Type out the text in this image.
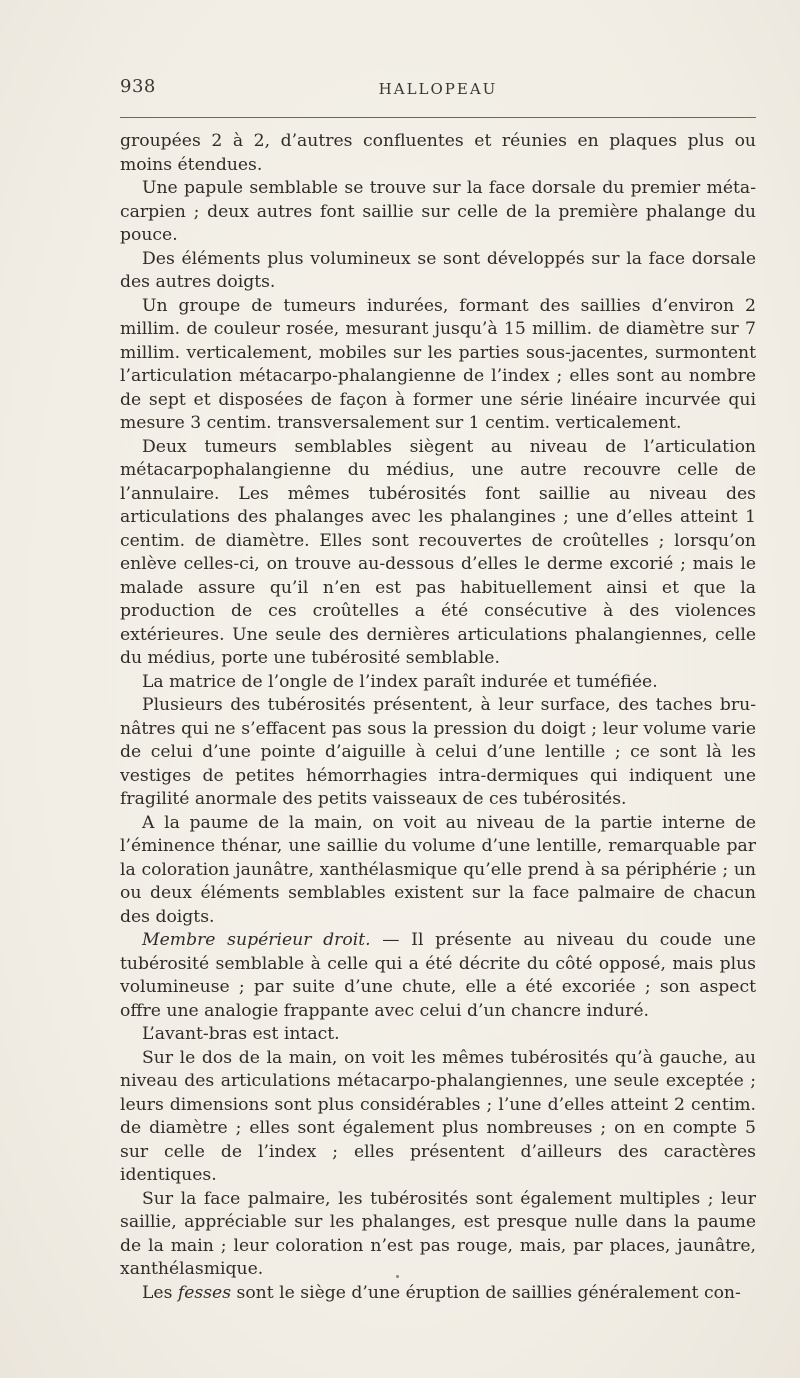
938	HALLOPEAU

groupées 2 à 2, d’autres confluentes et réunies en plaques plus ou moins étendues.

Une papule semblable se trouve sur la face dorsale du premier métacarpien ; deux autres font saillie sur celle de la première phalange du pouce.

Des éléments plus volumineux se sont développés sur la face dorsale des autres doigts.

Un groupe de tumeurs indurées, formant des saillies d’environ 2 millim. de couleur rosée, mesurant jusqu’à 15 millim. de diamètre sur 7 millim. verticalement, mobiles sur les parties sous-jacentes, surmontent l’articulation métacarpo-phalangienne de l’index ; elles sont au nombre de sept et disposées de façon à former une série linéaire incurvée qui mesure 3 centim. transversalement sur 1 centim. verticalement.

Deux tumeurs semblables siègent au niveau de l’articulation métacarpophalangienne du médius, une autre recouvre celle de l’annulaire. Les mêmes tubérosités font saillie au niveau des articulations des phalanges avec les phalangines ; une d’elles atteint 1 centim. de diamètre. Elles sont recouvertes de croûtelles ; lorsqu’on enlève celles-ci, on trouve au-dessous d’elles le derme excorié ; mais le malade assure qu’il n’en est pas habituellement ainsi et que la production de ces croûtelles a été consécutive à des violences extérieures. Une seule des dernières articulations phalangiennes, celle du médius, porte une tubérosité semblable.

La matrice de l’ongle de l’index paraît indurée et tuméfiée.

Plusieurs des tubérosités présentent, à leur surface, des taches brunâtres qui ne s’effacent pas sous la pression du doigt ; leur volume varie de celui d’une pointe d’aiguille à celui d’une lentille ; ce sont là les vestiges de petites hémorrhagies intra-dermiques qui indiquent une fragilité anormale des petits vaisseaux de ces tubérosités.

A la paume de la main, on voit au niveau de la partie interne de l’éminence thénar, une saillie du volume d’une lentille, remarquable par la coloration jaunâtre, xanthélasmique qu’elle prend à sa périphérie ; un ou deux éléments semblables existent sur la face palmaire de chacun des doigts.

Membre supérieur droit. — Il présente au niveau du coude une tubérosité semblable à celle qui a été décrite du côté opposé, mais plus volumineuse ; par suite d’une chute, elle a été excoriée ; son aspect offre une analogie frappante avec celui d’un chancre induré.

L’avant-bras est intact.

Sur le dos de la main, on voit les mêmes tubérosités qu’à gauche, au niveau des articulations métacarpo-phalangiennes, une seule exceptée ; leurs dimensions sont plus considérables ; l’une d’elles atteint 2 centim. de diamètre ; elles sont également plus nombreuses ; on en compte 5 sur celle de l’index ; elles présentent d’ailleurs des caractères identiques.

Sur la face palmaire, les tubérosités sont également multiples ; leur saillie, appréciable sur les phalanges, est presque nulle dans la paume de la main ; leur coloration n’est pas rouge, mais, par places, jaunâtre, xanthélasmique.

Les fesses sont le siège d’une éruption de saillies généralement con-
